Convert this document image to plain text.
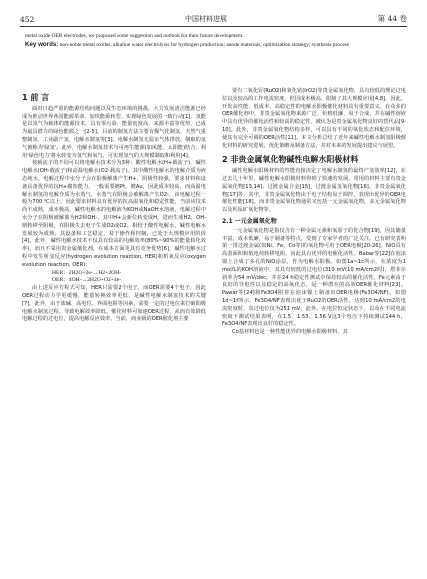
452	中国材料进展	第 44 卷
metal oxide OER electrodes, we proposed some suggestion and outlook for their future development.
Key words: non-noble metal oxides; alkaline water electrolysis for hydrogen production; anode materials; optimization strategy; synthesis process
1 前 言

面对日趋严重的能源结构问题以及生态环境的挑战，大力发展清洁能源已经成为推动世界各国能源革命、加快能源转型、实现绿色发展的一致行动[1]。氢能是以氢气为载体的能源技术，具有零污染、能量密度高、来源丰富等优势，已成为最具潜力的绿色能源之一[2-5]。目前的制氢方法主要有煤气化制氢、天然气重整制氢、工业副产氢、电解水制氢等[3]。电解水制氢无温室气体排放，制取的氢气被称为'绿氢'。此外，电解水制氢技术与可再生能源(如风能、太阳能)结合，利用'绿色电力'将水转变为氢气和氧气，可实现氢气的大规模制取和利用[4]。

按载流子的不同可以将电解水技术分为3种：酸性电解水(H+载流子)、碱性电解水(OH-载流子)和高温电解水(O2-载流子)。其中酸性电解水的电解介质为液态纯水，电解过程中水分子会在阳极解离产生H+，阴极性较强，要求材料和设备具备优异的抗H+腐蚀能力，一般需要镀Pt、镀Au，因此成本较高。而高温电解水制氢的电解介质为水蒸气，水蒸气在阴极会被解离产生O2-，该电解过程一般为700 ℃以上，因此要求材料具有优异的抗高温氧化和稳定性能，当前该技术尚不成熟，成本极高。碱性电解水的电解液为KOH或NaOH水溶液，电解过程中水分子在阴极被解离为H2和OH-，其中H+会新位转变成H，进而生成H2，OH-则转移至阳极，在阳极失去电子生成O2或O2。相较于酸性电解水，碱性电解水发展较为成熟，其设备和工艺稳定，易于操作和控制，已处于大规模应用阶段[4]。此外，碱性电解水技术不仅具有较高的电解效率(80%~90%的能量转化效率)，而且不采用贵金属催化剂，在成本方面更具有竞争优势[6]。碱性电解水过程中发生析氢反应(hydrogen evolution reaction, HER)和析氧反应(oxygen evolution reaction, OER)：

HER：2H2O+2e-→H2+2OH-
OER：4OH-→2H2O+O2+4e-

由上述反应方程式可知，HER只需要2个电子，而OER需要4个电子，因此OER过程动力学更缓慢，能量转换效率更低，是碱性电解水制氢技术的关键[7]。此外，由于浓碱、高电位、界面电阻等因素，需要一定的过电位来打破阳极电解水制氢过程。导致电解效率降低。催化材料可加速OER过程，从而有效降低电解过程的过电位，提高电解反应效率。当前，商业级的OER催化剂主要

要有二氧化钌(RuO2)和氧化铱(IrO2)等贵金属氧化物，具有较低的理论过电位以及较高的工作电流密度，但因成本极高，限制了其大规模应用[4,8]。因此，开发高性能、低成本、高稳定性的电解水阳极催化材料具有重要意义。在众多的OER催化剂中，非贵金属氧化物来源广泛、价格低廉、易于合成，并在碱性溶液中具有优异的催化活性和较高的稳定性，被认为是贵金属氧化物良好的替代品[9-10]。此外，非贵金属氧化物结构多样，可以具有不同的氧化状态和配位环境，使其有完全可调的OER活性[11]。本文分析总结了近年来碱性电解水制氢阳极催化材料的研究进展，优化策略及制备方法，并对未来的发展提出建议与展望。

2 非贵金属氧化物碱性电解水阳极材料

碱性电解水阳极材料的性能直接决定了电解水制氢的最终产氢效率[12]，在过去几十年里，碱性电解水阳极材料得到了快速的发展。常用的材料主要有贵金属氧化物[13,14]、过渡金属合金[15]、过渡金属氢氧化物[16]、非贵金属氧化物[17]等。其中，非贵金属氧化物由于电子结构易于调控、表现出优异的OER电催化性能[18]。而非贵金属氧化物通常又包括一元金属氧化物，多元金属氧化物以及钙钛矿氧化物等。

2.1 一元金属氧化物

一元金属氧化物是指仅含有一种金属元素和氧原子的化合物[19]，因其储量丰富、成本低廉、易于制备等特点，受到了专家学者的广泛关注。已有研究表明第一排过渡金属(如Ni、Fe、Co等)的氧化物可用于OER电极[20-26]。NiO具有高表面积和低电荷转移电阻，因此具有优异的电催化活性。Babar等[22]在泡沫镍上合成了多孔的NiO涂层，作为电解水阳极。如图1a~1c所示，在浓度为1 mol/L的KOH溶液中，其具有较低的过电位(310 mV(10 mA/cm2时)，塔菲尔斜率为54 mV/dec，并在24 h稳定性测试中保持较高的催化活性。Fe元素由于良好的导电性以及稳定的高氧化态，是一种潜在的高效OER催化材料[23]。Pawar等[24]将Fe3O4附着在泡沫镍上制备出OER电极(Fe3O4/NF)。如图1d~1f所示，Fe3O4/NF表现出优于RuO2的OER活性，达到10 mA/cm2的电流密度时，其过电位仅为251 mV，此外，在电位恒定状态下，以及在不同电流密度下测试结果表明，在1.5、1.53、1.56 V这3个电压下持续测试144 h，Fe3O4/NF表现出良好的稳定性。

Co基材料也是一种性能优异的电解水阳极材料，其
